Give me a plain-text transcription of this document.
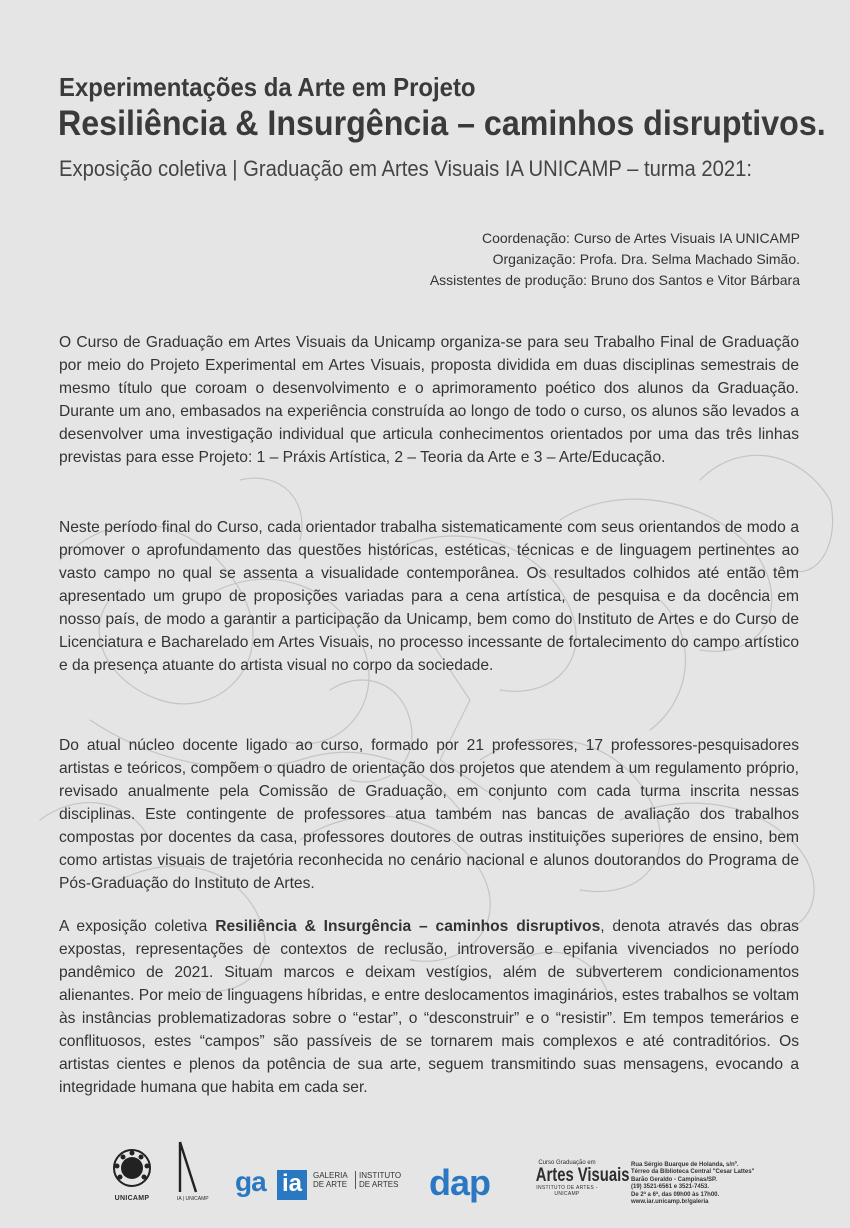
Experimentações da Arte em Projeto
Resiliência & Insurgência – caminhos disruptivos.

Exposição coletiva | Graduação em Artes Visuais IA UNICAMP – turma 2021:

Coordenação: Curso de Artes Visuais IA UNICAMP
Organização: Profa. Dra. Selma Machado Simão.
Assistentes de produção: Bruno dos Santos e Vitor Bárbara

O Curso de Graduação em Artes Visuais da Unicamp organiza-se para seu Trabalho Final de Graduação por meio do Projeto Experimental em Artes Visuais, proposta dividida em duas disciplinas semestrais de mesmo título que coroam o desenvolvimento e o aprimoramento poético dos alunos da Graduação. Durante um ano, embasados na experiência construída ao longo de todo o curso, os alunos são levados a desenvolver uma investigação individual que articula conhecimentos orientados por uma das três linhas previstas para esse Projeto: 1 – Práxis Artística, 2 – Teoria da Arte e 3 – Arte/Educação.

Neste período final do Curso, cada orientador trabalha sistematicamente com seus orientandos de modo a promover o aprofundamento das questões históricas, estéticas, técnicas e de linguagem pertinentes ao vasto campo no qual se assenta a visualidade contemporânea. Os resultados colhidos até então têm apresentado um grupo de proposições variadas para a cena artística, de pesquisa e da docência em nosso país, de modo a garantir a participação da Unicamp, bem como do Instituto de Artes e do Curso de Licenciatura e Bacharelado em Artes Visuais, no processo incessante de fortalecimento do campo artístico e da presença atuante do artista visual no corpo da sociedade.

Do atual núcleo docente ligado ao curso, formado por 21 professores, 17 professores-pesquisadores artistas e teóricos, compõem o quadro de orientação dos projetos que atendem a um regulamento próprio, revisado anualmente pela Comissão de Graduação, em conjunto com cada turma inscrita nessas disciplinas. Este contingente de professores atua também nas bancas de avaliação dos trabalhos compostas por docentes da casa, professores doutores de outras instituições superiores de ensino, bem como artistas visuais de trajetória reconhecida no cenário nacional e alunos doutorandos do Programa de Pós-Graduação do Instituto de Artes.

A exposição coletiva Resiliência & Insurgência – caminhos disruptivos, denota através das obras expostas, representações de contextos de reclusão, introversão e epifania vivenciados no período pandêmico de 2021. Situam marcos e deixam vestígios, além de subverterem condicionamentos alienantes. Por meio de linguagens híbridas, e entre deslocamentos imaginários, estes trabalhos se voltam às instâncias problematizadoras sobre o “estar”, o “desconstruir” e o “resistir”. Em tempos temerários e conflituosos, estes “campos” são passíveis de se tornarem mais complexos e até contraditórios. Os artistas cientes e plenos da potência de sua arte, seguem transmitindo suas mensagens, evocando a integridade humana que habita em cada ser.

UNICAMP	IA | UNICAMP
ga ia	GALERIA
DE ARTE
INSTITUTO
DE ARTES dap	Curso Graduação em
Artes Visuais
INSTITUTO DE ARTES - UNICAMP
Rua Sérgio Buarque de Holanda, s/nº.
Térreo da Biblioteca Central "Cesar Lattes"
Barão Geraldo - Campinas/SP.
(19) 3521-6561 e 3521-7453.
De 2ª a 6ª, das 09h00 às 17h00.
www.iar.unicamp.br/galeria
